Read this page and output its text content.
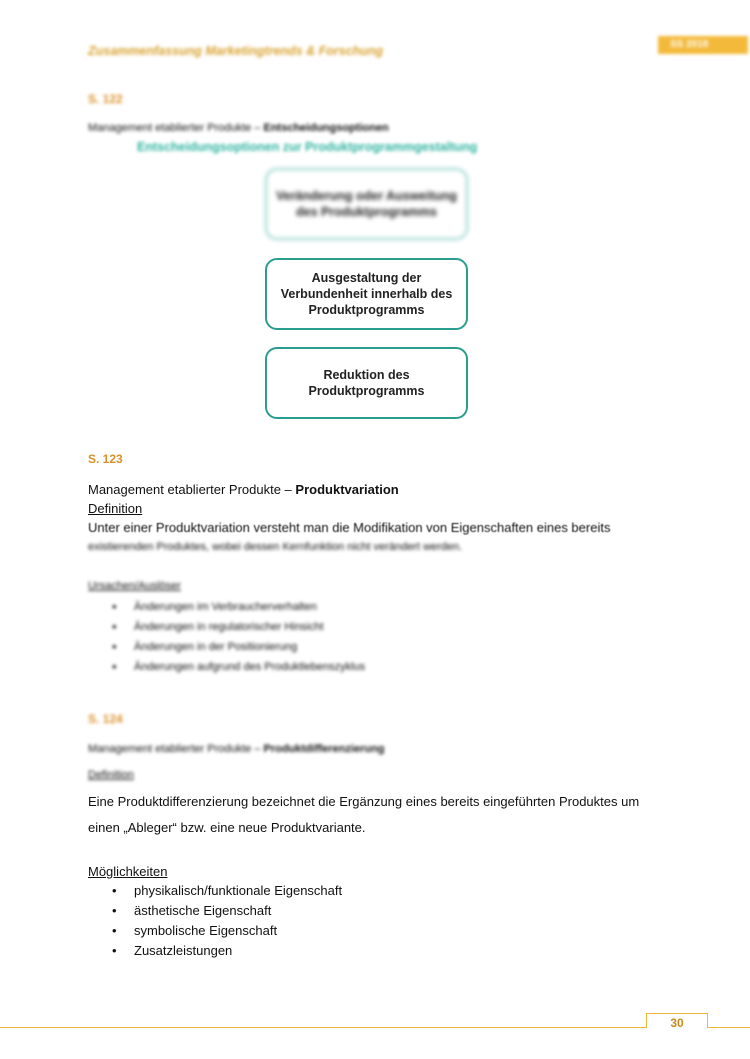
Zusammenfassung Marketingtrends & Forschung	SS 2018
S. 122
Management etablierter Produkte – Entscheidungsoptionen
Entscheidungsoptionen zur Produktprogrammgestaltung
Veränderung oder Ausweitung des Produktprogramms
Ausgestaltung der Verbundenheit innerhalb des Produktprogramms
Reduktion des Produktprogramms
S. 123
Management etablierter Produkte – Produktvariation
Definition
Unter einer Produktvariation versteht man die Modifikation von Eigenschaften eines bereits
existierenden Produktes, wobei dessen Kernfunktion nicht verändert werden.
Ursachen/Auslöser
• Änderungen im Verbraucherverhalten
• Änderungen in regulatorischer Hinsicht
• Änderungen in der Positionierung
• Änderungen aufgrund des Produktlebenszyklus
S. 124
Management etablierter Produkte – Produktdifferenzierung
Definition
Eine Produktdifferenzierung bezeichnet die Ergänzung eines bereits eingeführten Produktes um
einen „Ableger“ bzw. eine neue Produktvariante.
Möglichkeiten
• physikalisch/funktionale Eigenschaft
• ästhetische Eigenschaft
• symbolische Eigenschaft
• Zusatzleistungen
30
